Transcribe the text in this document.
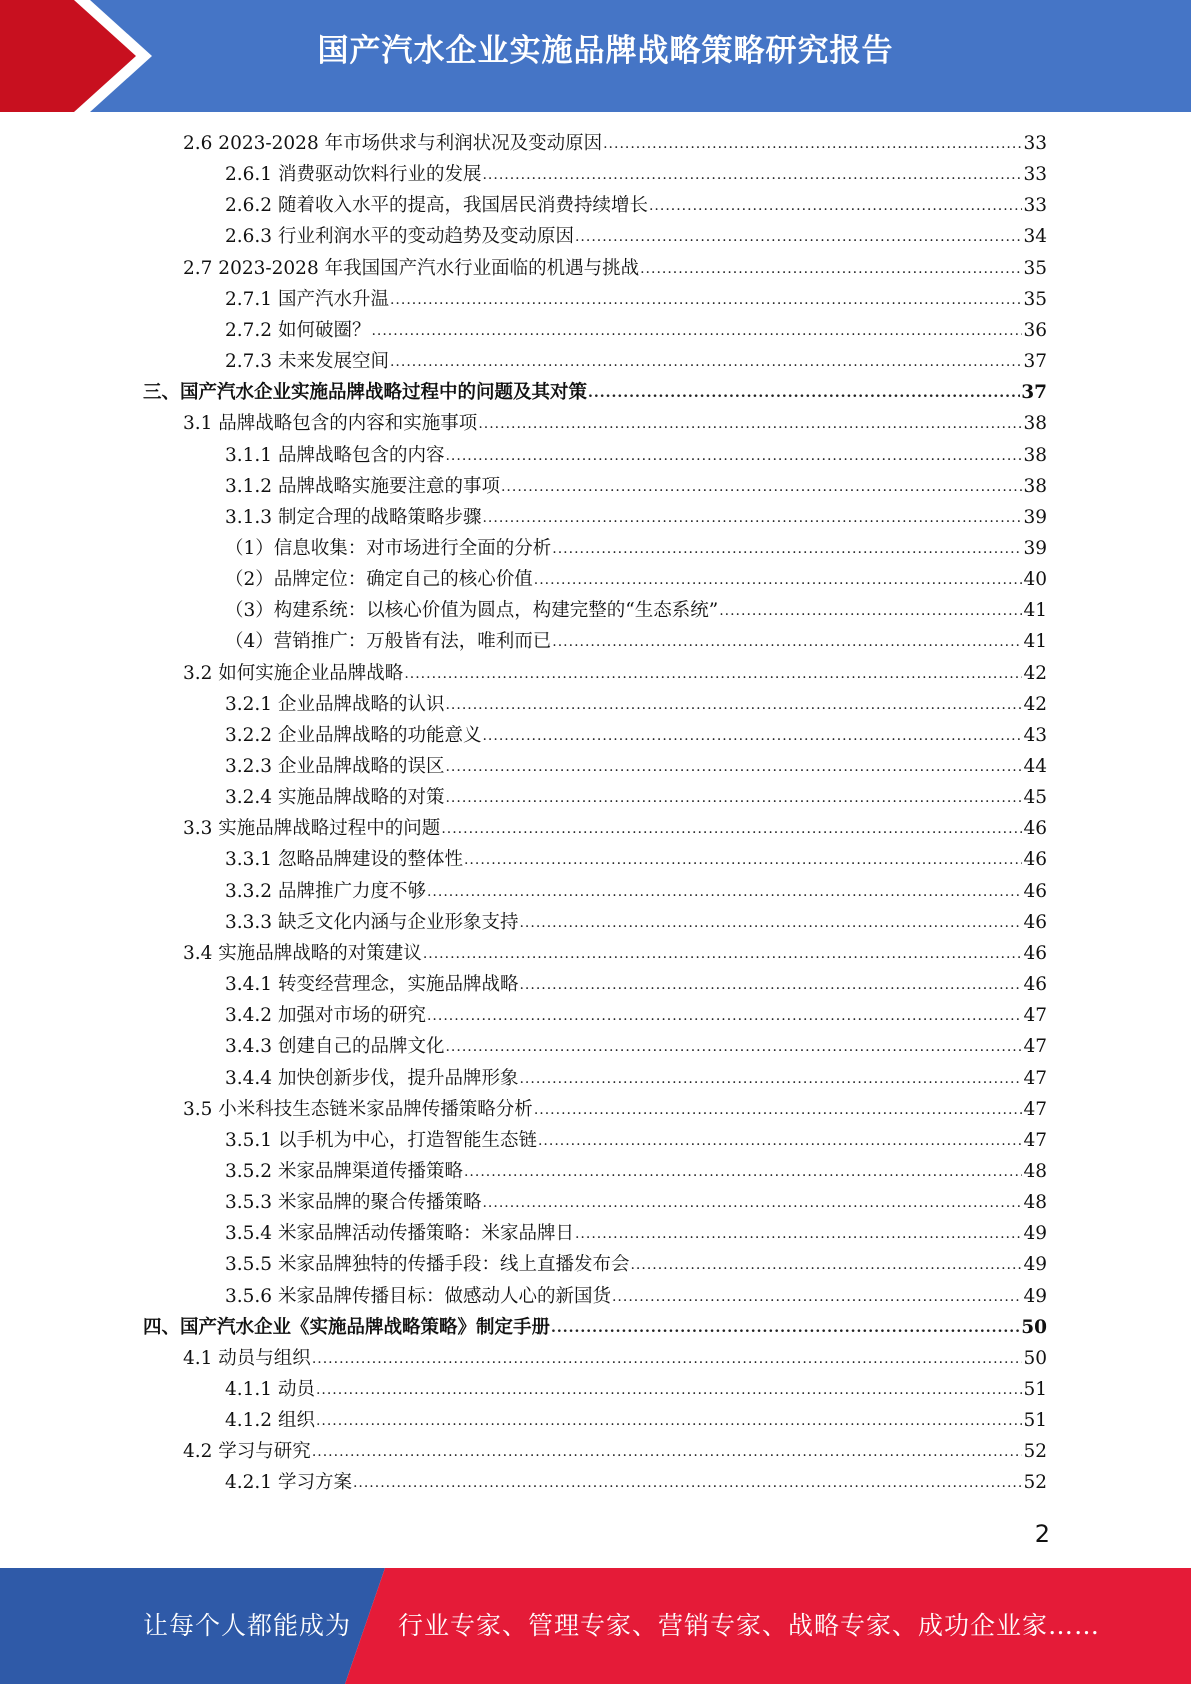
国产汽水企业实施品牌战略策略研究报告
2.6 2023-2028 年市场供求与利润状况及变动原因 .....	33
2.6.1 消费驱动饮料行业的发展 .....	33
2.6.2 随着收入水平的提高，我国居民消费持续增长 .....	33
2.6.3 行业利润水平的变动趋势及变动原因 .....	34
2.7 2023-2028 年我国国产汽水行业面临的机遇与挑战 .....	35
2.7.1 国产汽水升温 .....	35
2.7.2 如何破圈？ .....	36
2.7.3 未来发展空间 .....	37
三、国产汽水企业实施品牌战略过程中的问题及其对策 .....	37
3.1 品牌战略包含的内容和实施事项 .....	38
3.1.1 品牌战略包含的内容 .....	38
3.1.2 品牌战略实施要注意的事项 .....	38
3.1.3 制定合理的战略策略步骤 .....	39
（1）信息收集：对市场进行全面的分析 .....	39
（2）品牌定位：确定自己的核心价值 .....	40
（3）构建系统：以核心价值为圆点，构建完整的“生态系统” .....	41
（4）营销推广：万般皆有法，唯利而已 .....	41
3.2 如何实施企业品牌战略 .....	42
3.2.1 企业品牌战略的认识 .....	42
3.2.2 企业品牌战略的功能意义 .....	43
3.2.3 企业品牌战略的误区 .....	44
3.2.4 实施品牌战略的对策 .....	45
3.3 实施品牌战略过程中的问题 .....	46
3.3.1 忽略品牌建设的整体性 .....	46
3.3.2 品牌推广力度不够 .....	46
3.3.3 缺乏文化内涵与企业形象支持 .....	46
3.4 实施品牌战略的对策建议 .....	46
3.4.1 转变经营理念，实施品牌战略 .....	46
3.4.2 加强对市场的研究 .....	47
3.4.3 创建自己的品牌文化 .....	47
3.4.4 加快创新步伐，提升品牌形象 .....	47
3.5 小米科技生态链米家品牌传播策略分析 .....	47
3.5.1 以手机为中心，打造智能生态链 .....	47
3.5.2 米家品牌渠道传播策略 .....	48
3.5.3 米家品牌的聚合传播策略 .....	48
3.5.4 米家品牌活动传播策略：米家品牌日 .....	49
3.5.5 米家品牌独特的传播手段：线上直播发布会 .....	49
3.5.6 米家品牌传播目标：做感动人心的新国货 .....	49
四、国产汽水企业《实施品牌战略策略》制定手册 .....	50
4.1 动员与组织 .....	50
4.1.1 动员 .....	51
4.1.2 组织 .....	51
4.2 学习与研究 .....	52
4.2.1 学习方案 .....	52
2
让每个人都能成为 行业专家、管理专家、营销专家、战略专家、成功企业家……
